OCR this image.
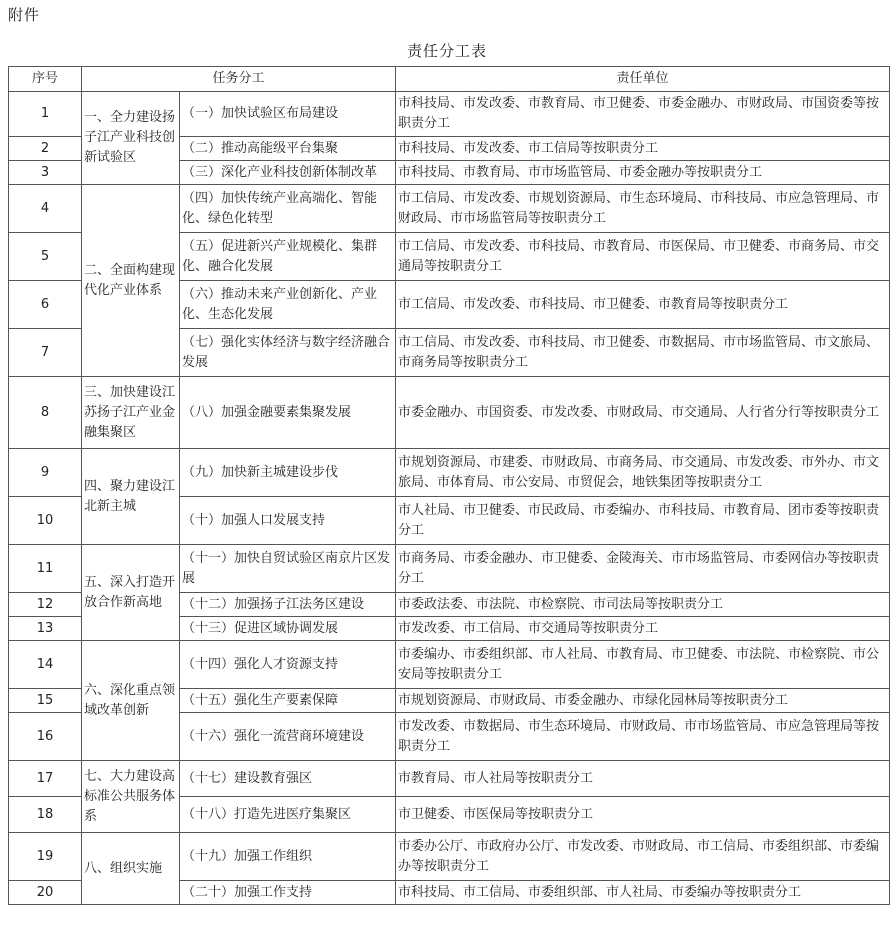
附件
责任分工表
序号	任务分工		责任单位
1	一、全力建设扬子江产业科技创新试验区	（一）加快试验区布局建设	市科技局、市发改委、市教育局、市卫健委、市委金融办、市财政局、市国资委等按职责分工
2		（二）推动高能级平台集聚	市科技局、市发改委、市工信局等按职责分工
3		（三）深化产业科技创新体制改革	市科技局、市教育局、市市场监管局、市委金融办等按职责分工
4	二、全面构建现代化产业体系	（四）加快传统产业高端化、智能化、绿色化转型	市工信局、市发改委、市规划资源局、市生态环境局、市科技局、市应急管理局、市财政局、市市场监管局等按职责分工
5		（五）促进新兴产业规模化、集群化、融合化发展	市工信局、市发改委、市科技局、市教育局、市医保局、市卫健委、市商务局、市交通局等按职责分工
6		（六）推动未来产业创新化、产业化、生态化发展	市工信局、市发改委、市科技局、市卫健委、市教育局等按职责分工
7		（七）强化实体经济与数字经济融合发展	市工信局、市发改委、市科技局、市卫健委、市数据局、市市场监管局、市文旅局、市商务局等按职责分工
8	三、加快建设江苏扬子江产业金融集聚区	（八）加强金融要素集聚发展	市委金融办、市国资委、市发改委、市财政局、市交通局、人行省分行等按职责分工
9	四、聚力建设江北新主城	（九）加快新主城建设步伐	市规划资源局、市建委、市财政局、市商务局、市交通局、市发改委、市外办、市文旅局、市体育局、市公安局、市贸促会，地铁集团等按职责分工
10		（十）加强人口发展支持	市人社局、市卫健委、市民政局、市委编办、市科技局、市教育局、团市委等按职责分工
11	五、深入打造开放合作新高地	（十一）加快自贸试验区南京片区发展	市商务局、市委金融办、市卫健委、金陵海关、市市场监管局、市委网信办等按职责分工
12		（十二）加强扬子江法务区建设	市委政法委、市法院、市检察院、市司法局等按职责分工
13		（十三）促进区域协调发展	市发改委、市工信局、市交通局等按职责分工
14	六、深化重点领域改革创新	（十四）强化人才资源支持	市委编办、市委组织部、市人社局、市教育局、市卫健委、市法院、市检察院、市公安局等按职责分工
15		（十五）强化生产要素保障	市规划资源局、市财政局、市委金融办、市绿化园林局等按职责分工
16		（十六）强化一流营商环境建设	市发改委、市数据局、市生态环境局、市财政局、市市场监管局、市应急管理局等按职责分工
17	七、大力建设高标准公共服务体系	（十七）建设教育强区	市教育局、市人社局等按职责分工
18		（十八）打造先进医疗集聚区	市卫健委、市医保局等按职责分工
19	八、组织实施	（十九）加强工作组织	市委办公厅、市政府办公厅、市发改委、市财政局、市工信局、市委组织部、市委编办等按职责分工
20		（二十）加强工作支持	市科技局、市工信局、市委组织部、市人社局、市委编办等按职责分工
